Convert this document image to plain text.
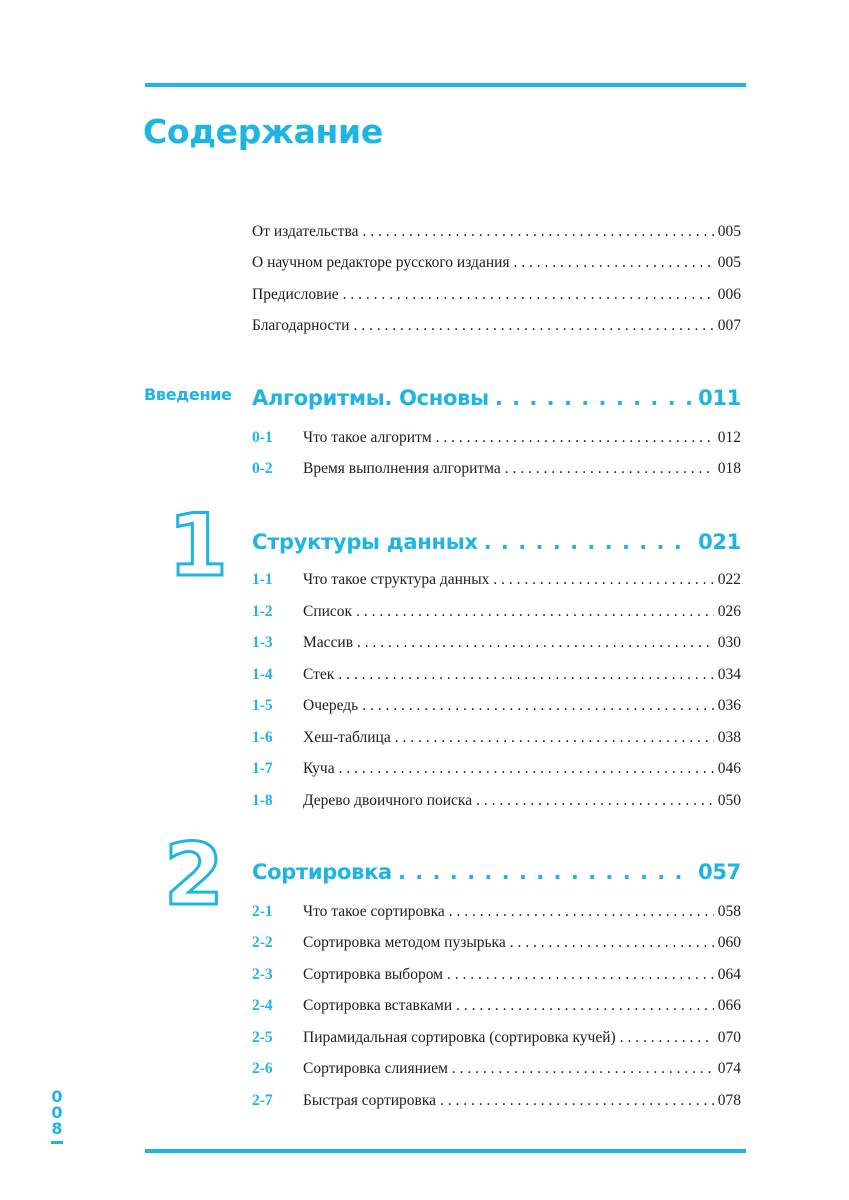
Содержание
От издательства . . .	005
О научном редакторе русского издания . . .	005
Предисловие . . .	006
Благодарности . . .	007
Введение Алгоритмы. Основы . . .	011
0-1	Что такое алгоритм . . .	012
0-2	Время выполнения алгоритма . . .	018
1 Структуры данных . . .	021
1-1	Что такое структура данных . . .	022
1-2	Список . . .	026
1-3	Массив . . .	030
1-4	Стек . . .	034
1-5	Очередь . . .	036
1-6	Хеш-таблица . . .	038
1-7	Куча . . .	046
1-8	Дерево двоичного поиска . . .	050
2 Сортировка . . .	057
2-1	Что такое сортировка . . .	058
2-2	Сортировка методом пузырька . . .	060
2-3	Сортировка выбором . . .	064
2-4	Сортировка вставками . . .	066
2-5	Пирамидальная сортировка (сортировка кучей) . . .	070
2-6	Сортировка слиянием . . .	074
2-7	Быстрая сортировка . . .	078
0
0
8
